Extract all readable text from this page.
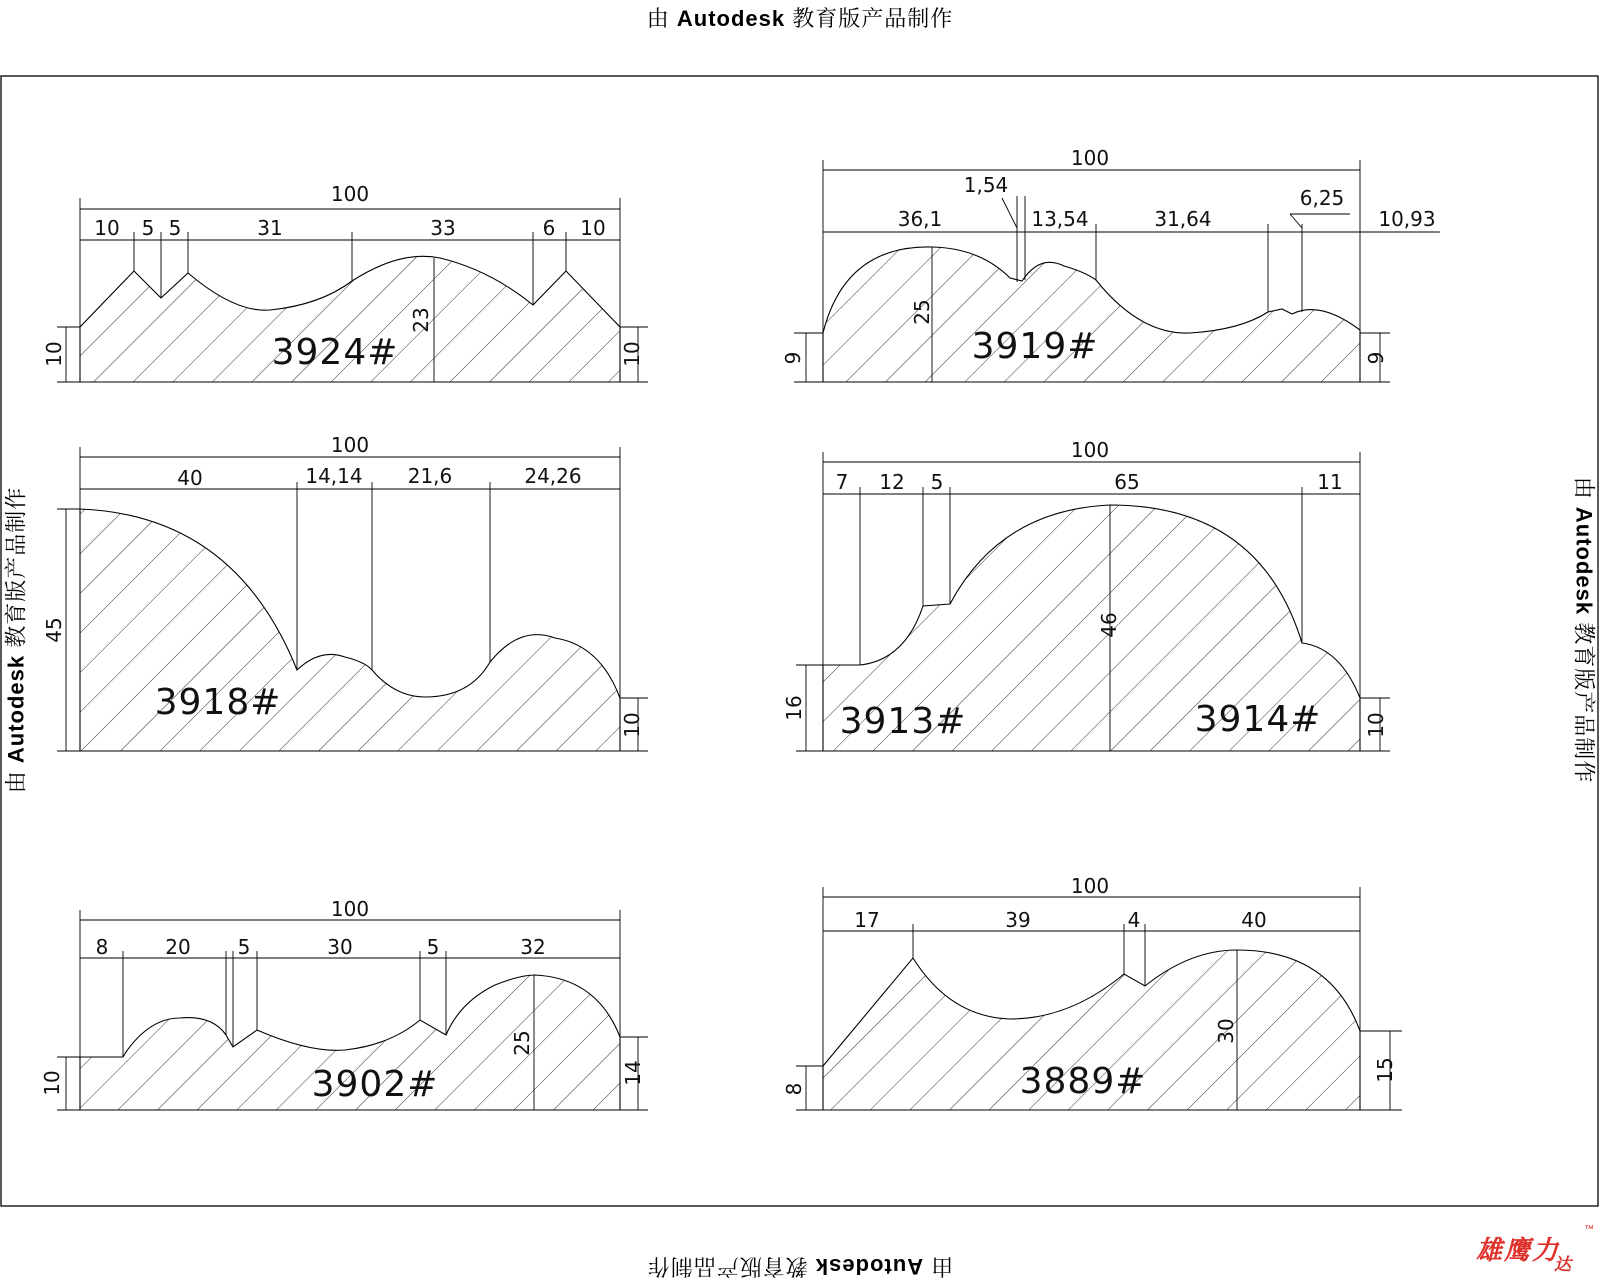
由 Autodesk 教育版产品制作
由 Autodesk 教育版产品制作
由 Autodesk 教育版产品制作	由 Autodesk 教育版产品制作
100
10 5 5	31	33	6 10
23
10	10
3924#
100
36,1
1,54
13,54	31,64
6,25
10,93
25
9	9
3919#
100
40	14,14 21,6	24,26
45
10
3918#
100
7 12 5	65	11
46
16
10
3913#	3914#
100
8	20 5	30	5	32
25
10	14
3902#
100
17	39	4	40
30
8
15
3889#
雄鹰力
达
™
